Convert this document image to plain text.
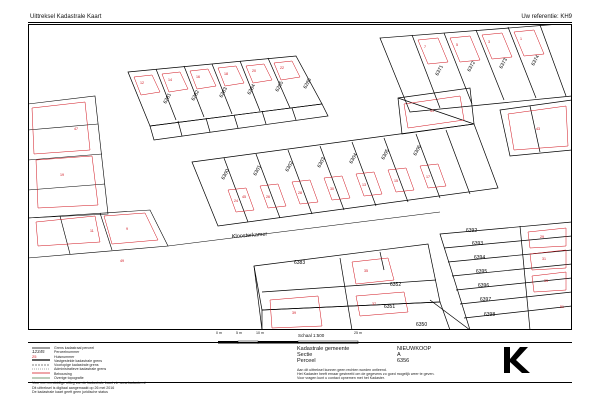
Uittreksel Kadastrale Kaart	Uw referentie: KH9
6300	6301	6302	6303	6304	6305	6306
6281	6282	6283	6284	6285	6286
6371	6372	6373	6374
6393
6394
6395
6396
6397
6398
6392
6383
6352
6351
6350
Kloosterkamer
12
14
16
18
20
22
24
26
28
30
13
15
17
19
11	9
7	5
3
1
29
31
33
35
37
39
41
43
45
47
49
51
Schaal 1:500
0 m	5 m	10 m	25 m
Grens kadastraal perceel
12345	Perceelnummer
25	Huisnummer
Vastgestelde kadastrale grens
Voorlopige kadastrale grens
Administratieve kadastrale grens
Bebouwing
Overige topografie
Voor een eenduidige uitleg van de kadastrale kaart zie www.kadaster.nl
Dit uittreksel is digitaal aangemaakt op 26 mei 2016
De kadastrale kaart geeft geen juridische status
Kadastrale gemeente	NIEUWKOOP
Sectie	A
Perceel	6356
Aan dit uittreksel kunnen geen rechten worden ontleend.
Het Kadaster heeft ernaar gestreefd om de gegevens zo goed mogelijk weer te geven.
Voor vragen kunt u contact opnemen met het Kadaster.
